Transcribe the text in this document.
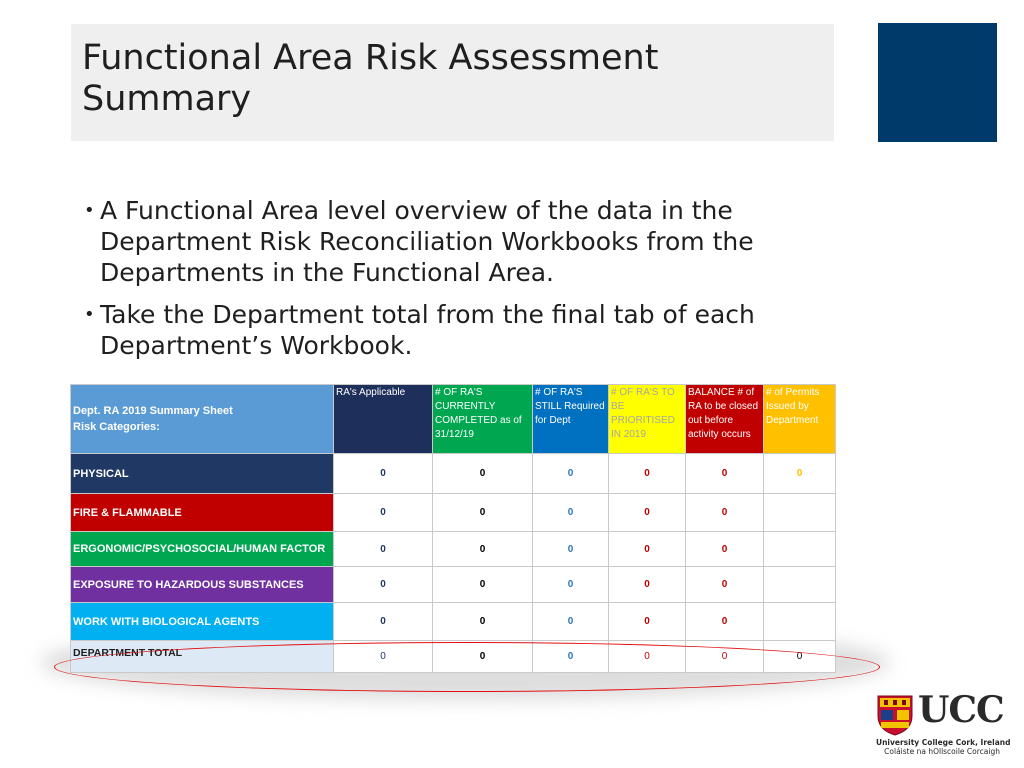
Functional Area Risk Assessment Summary
• A Functional Area level overview of the data in the Department Risk Reconciliation Workbooks from the Departments in the Functional Area.
• Take the Department total from the final tab of each Department’s Workbook.
Dept. RA 2019 Summary Sheet
Risk Categories:	RA's Applicable	# OF RA'S CURRENTLY COMPLETED as of 31/12/19	# OF RA'S STILL Required for Dept	# OF RA'S TO BE PRIORITISED IN 2019	BALANCE # of RA to be closed out before activity occurs	# of Permits Issued by Department
PHYSICAL	0	0	0	0	0	0
FIRE & FLAMMABLE	0	0	0	0	0	
ERGONOMIC/PSYCHOSOCIAL/HUMAN FACTOR	0	0	0	0	0	
EXPOSURE TO HAZARDOUS SUBSTANCES	0	0	0	0	0	
WORK WITH BIOLOGICAL AGENTS	0	0	0	0	0	
DEPARTMENT TOTAL	0	0	0	0	0	0
UCC
University College Cork, Ireland
Coláiste na hOllscoile Corcaigh
